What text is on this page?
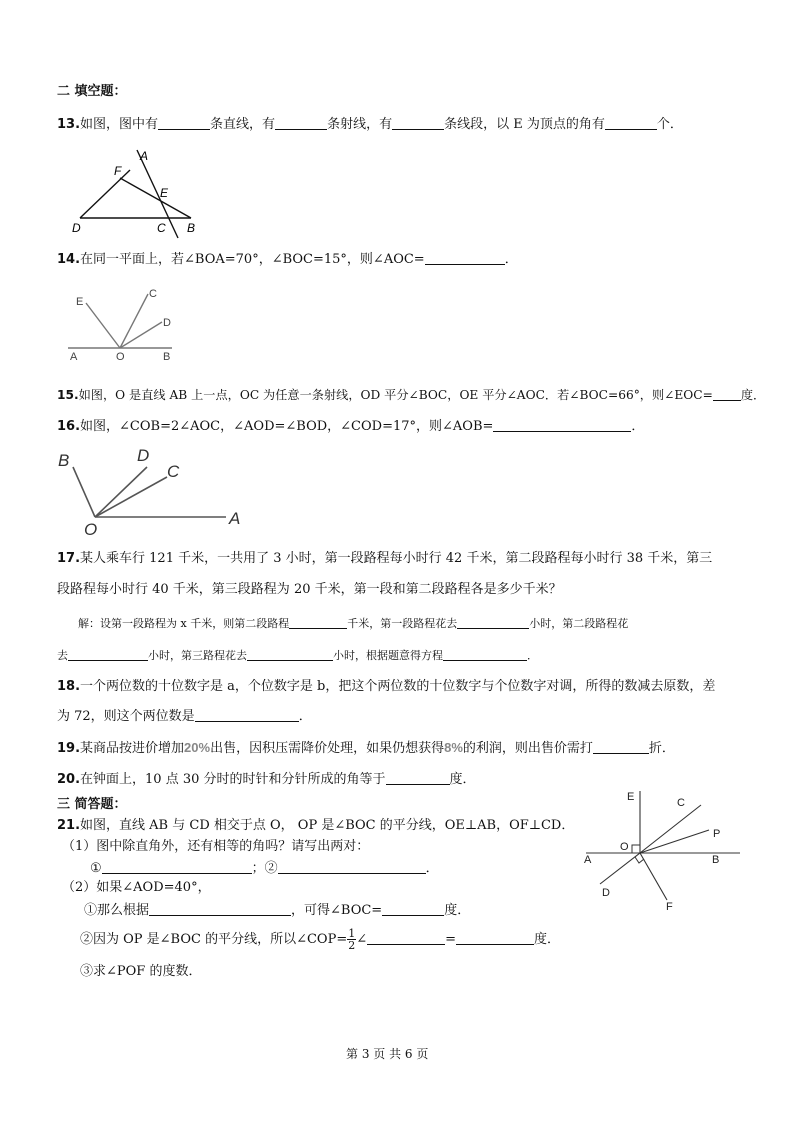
二 填空题：
13.如图，图中有	条直线，有	条射线，有	条线段，以 E 为顶点的角有	个．
A
F
E
D	C B
14.在同一平面上，若∠BOA=70°，∠BOC=15°，则∠AOC=	．
E
C
D
A	O	B
15.如图，O 是直线 AB 上一点，OC 为任意一条射线，OD 平分∠BOC，OE 平分∠AOC．若∠BOC=66°，则∠EOC= 度．
16.如图，∠COB=2∠AOC，∠AOD=∠BOD，∠COD=17°，则∠AOB=	．
B	D
C
O
A
17.某人乘车行 121 千米，一共用了 3 小时，第一段路程每小时行 42 千米，第二段路程每小时行 38 千米，第三
段路程每小时行 40 千米，第三段路程为 20 千米，第一段和第二段路程各是多少千米？
解：设第一段路程为 x 千米，则第二段路程	千米，第一段路程花去	小时，第二段路程花
去	小时，第三路程花去	小时，根据题意得方程	．
18.一个两位数的十位数字是 a，个位数字是 b，把这个两位数的十位数字与个位数字对调，所得的数减去原数，差
为 72，则这个两位数是	．
19.某商品按进价增加20%出售，因积压需降价处理，如果仍想获得8%的利润，则出售价需打	折．
20.在钟面上，10 点 30 分时的时针和分针所成的角等于	度．
三 简答题：
21.如图，直线 AB 与 CD 相交于点 O， OP 是∠BOC 的平分线，OE⊥AB，OF⊥CD．
（1）图中除直角外，还有相等的角吗？请写出两对：
①	；②	．
（2）如果∠AOD=40°，
①那么根据	，可得∠BOC=	度．
②因为 OP 是∠BOC 的平分线，所以∠COP= $\frac{1}{2}$ ∠	=	度．
③求∠POF 的度数．
E	C
P
O
A	B
D
F
第 3 页 共 6 页
